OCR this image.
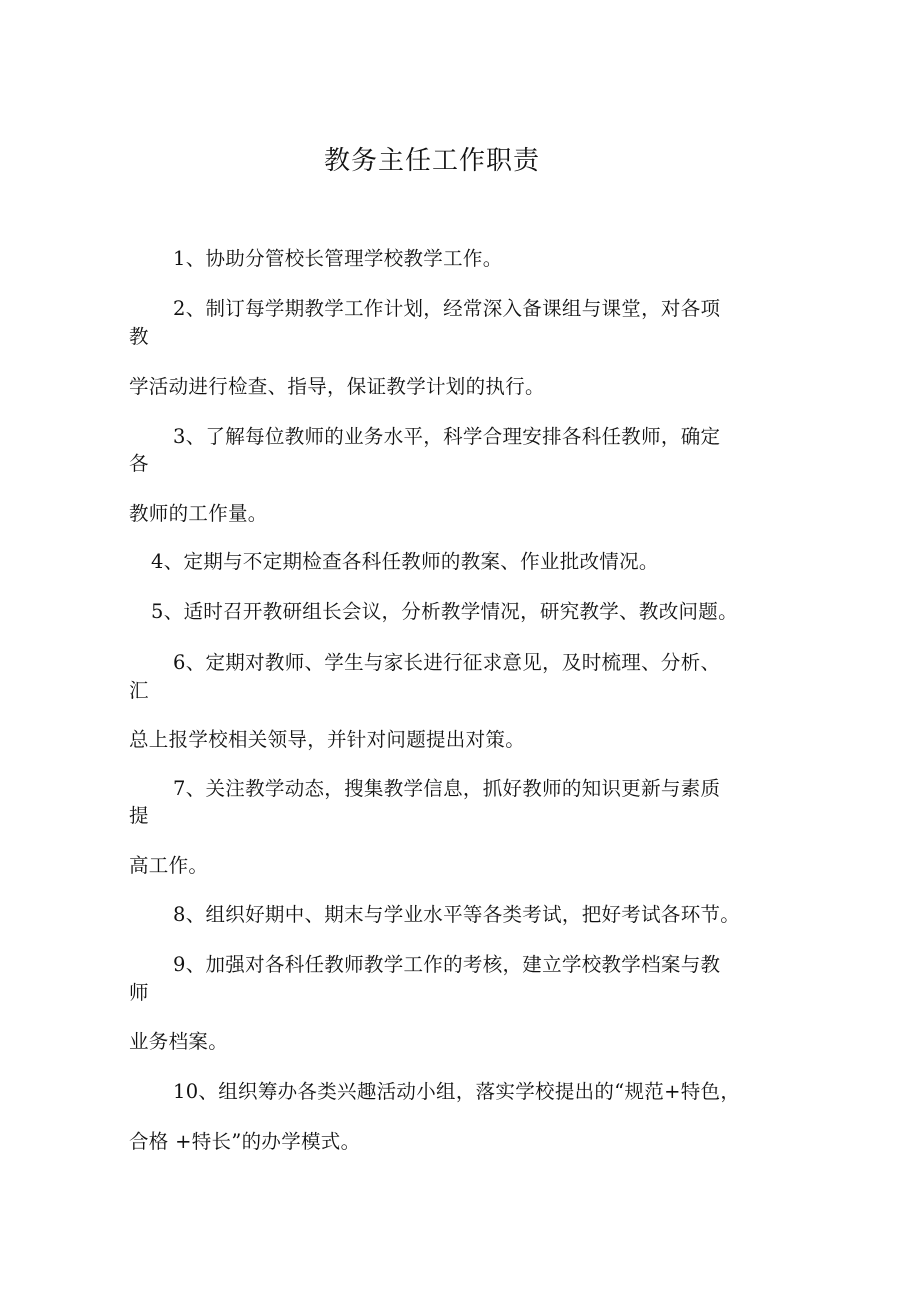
教务主任工作职责
1、协助分管校长管理学校教学工作。
2、制订每学期教学工作计划，经常深入备课组与课堂，对各项
教
学活动进行检查、指导，保证教学计划的执行。
3、了解每位教师的业务水平，科学合理安排各科任教师，确定
各
教师的工作量。
4、定期与不定期检查各科任教师的教案、作业批改情况。
5、适时召开教研组长会议，分析教学情况，研究教学、教改问题。
6、定期对教师、学生与家长进行征求意见，及时梳理、分析、
汇
总上报学校相关领导，并针对问题提出对策。
7、关注教学动态，搜集教学信息，抓好教师的知识更新与素质
提
高工作。
8、组织好期中、期末与学业水平等各类考试，把好考试各环节。
9、加强对各科任教师教学工作的考核，建立学校教学档案与教
师
业务档案。
10、组织筹办各类兴趣活动小组，落实学校提出的“规范+特色，
合格 +特长”的办学模式。
